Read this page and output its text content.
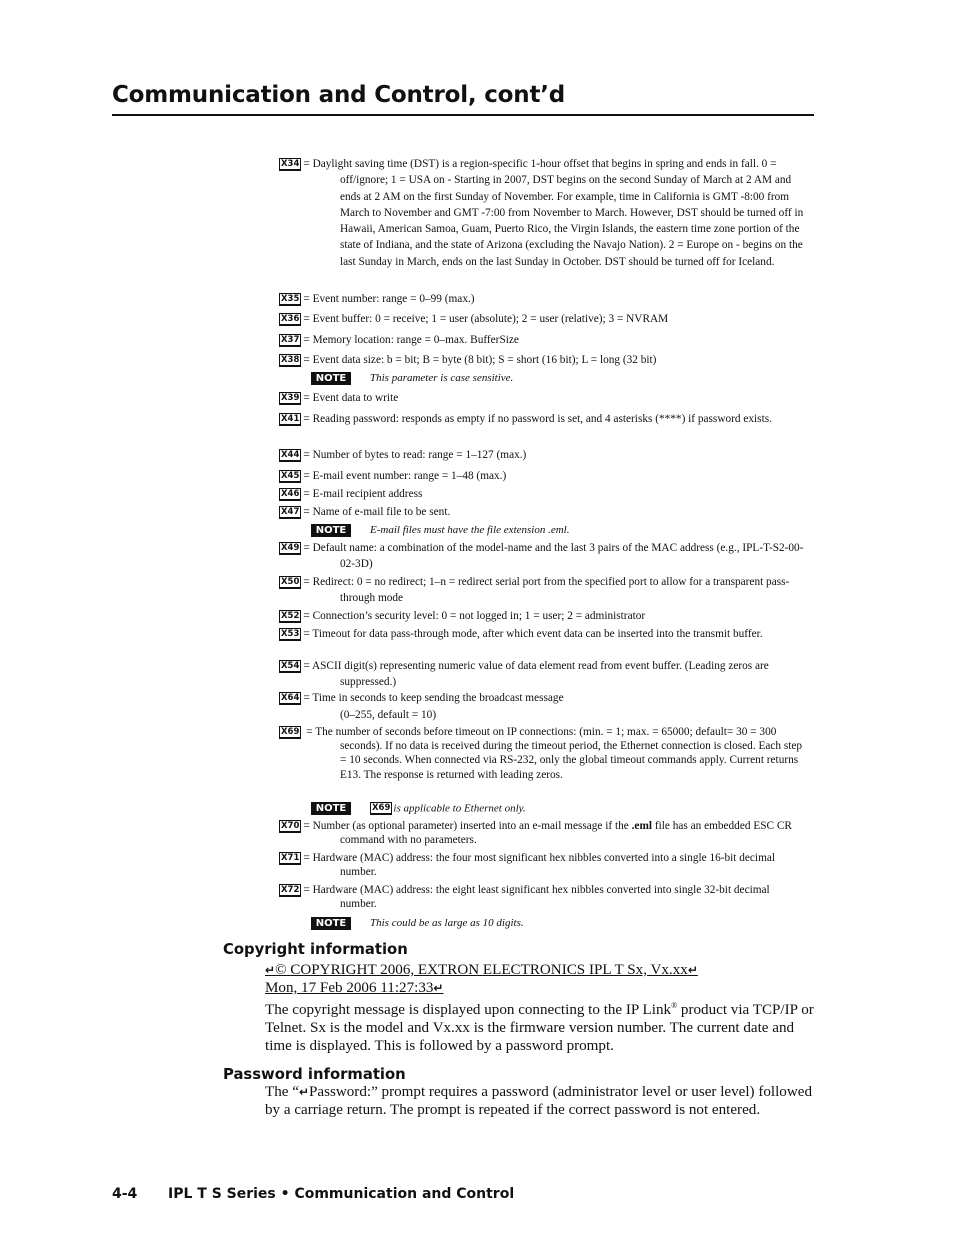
Communication and Control, cont’d
X34 = Daylight saving time (DST) is a region-specific 1-hour offset that begins in spring and ends in fall. 0 = off/ignore; 1 = USA on - Starting in 2007, DST begins on the second Sunday of March at 2 AM and ends at 2 AM on the first Sunday of November. For example, time in California is GMT -8:00 from March to November and GMT -7:00 from November to March. However, DST should be turned off in Hawaii, American Samoa, Guam, Puerto Rico, the Virgin Islands, the eastern time zone portion of the state of Indiana, and the state of Arizona (excluding the Navajo Nation). 2 = Europe on - begins on the last Sunday in March, ends on the last Sunday in October. DST should be turned off for Iceland.
X35 = Event number: range = 0–99 (max.)
X36 = Event buffer: 0 = receive; 1 = user (absolute); 2 = user (relative); 3 = NVRAM
X37 = Memory location: range = 0–max. BufferSize
X38 = Event data size: b = bit; B = byte (8 bit); S = short (16 bit); L = long (32 bit)
NOTE This parameter is case sensitive.
X39 = Event data to write
X41 = Reading password: responds as empty if no password is set, and 4 asterisks (****) if password exists.
X44 = Number of bytes to read: range = 1–127 (max.)
X45 = E-mail event number: range = 1–48 (max.)
X46 = E-mail recipient address
X47 = Name of e-mail file to be sent.
NOTE E-mail files must have the file extension .eml.
X49 = Default name: a combination of the model-name and the last 3 pairs of the MAC address (e.g., IPL-T-S2-00-02-3D)
X50 = Redirect: 0 = no redirect; 1–n = redirect serial port from the specified port to allow for a transparent pass-through mode
X52 = Connection’s security level: 0 = not logged in; 1 = user; 2 = administrator
X53 = Timeout for data pass-through mode, after which event data can be inserted into the transmit buffer.
X54 = ASCII digit(s) representing numeric value of data element read from event buffer. (Leading zeros are suppressed.)
X64 = Time in seconds to keep sending the broadcast message
(0–255, default = 10)
X69 = The number of seconds before timeout on IP connections: (min. = 1; max. = 65000; default= 30 = 300 seconds). If no data is received during the timeout period, the Ethernet connection is closed. Each step = 10 seconds. When connected via RS-232, only the global timeout commands apply. Current returns E13. The response is returned with leading zeros.
NOTE	X69 is applicable to Ethernet only.
X70 = Number (as optional parameter) inserted into an e-mail message if the .eml file has an embedded ESC CR command with no parameters.
X71 = Hardware (MAC) address: the four most significant hex nibbles converted into a single 16-bit decimal number.
X72 = Hardware (MAC) address: the eight least significant hex nibbles converted into single 32-bit decimal number.
NOTE This could be as large as 10 digits.
Copyright information
↵© COPYRIGHT 2006, EXTRON ELECTRONICS IPL T Sx, Vx.xx↵
Mon, 17 Feb 2006 11:27:33↵
The copyright message is displayed upon connecting to the IP Link® product via TCP/IP or Telnet. Sx is the model and Vx.xx is the firmware version number. The current date and time is displayed. This is followed by a password prompt.
Password information
The “↵Password:” prompt requires a password (administrator level or user level) followed by a carriage return. The prompt is repeated if the correct password is not entered.
4-4 IPL T S Series • Communication and Control
